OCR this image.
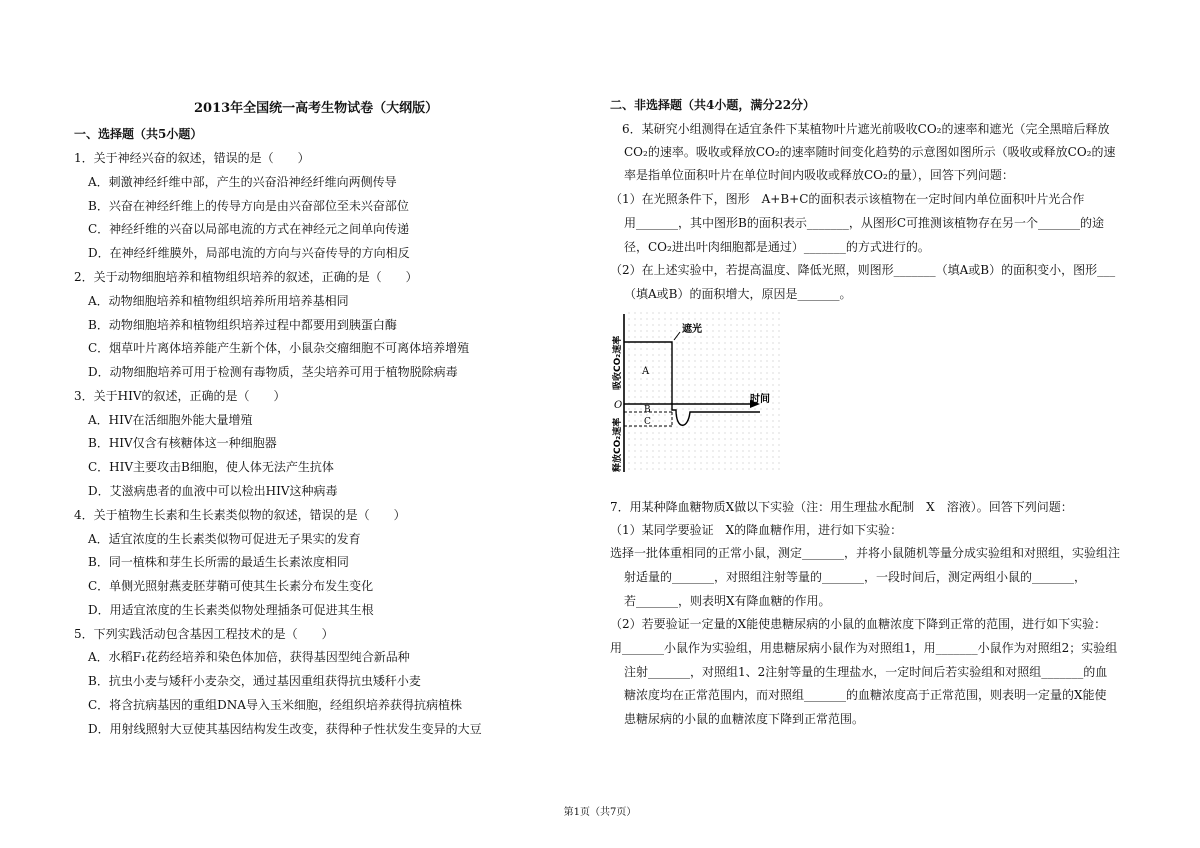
2013年全国统一高考生物试卷（大纲版）
一、选择题（共5小题）
1．关于神经兴奋的叙述，错误的是（　　）
A．刺激神经纤维中部，产生的兴奋沿神经纤维向两侧传导
B．兴奋在神经纤维上的传导方向是由兴奋部位至未兴奋部位
C．神经纤维的兴奋以局部电流的方式在神经元之间单向传递
D．在神经纤维膜外，局部电流的方向与兴奋传导的方向相反
2．关于动物细胞培养和植物组织培养的叙述，正确的是（　　）
A．动物细胞培养和植物组织培养所用培养基相同
B．动物细胞培养和植物组织培养过程中都要用到胰蛋白酶
C．烟草叶片离体培养能产生新个体，小鼠杂交瘤细胞不可离体培养增殖
D．动物细胞培养可用于检测有毒物质，茎尖培养可用于植物脱除病毒
3．关于HIV的叙述，正确的是（　　）
A．HIV在活细胞外能大量增殖
B．HIV仅含有核糖体这一种细胞器
C．HIV主要攻击B细胞，使人体无法产生抗体
D．艾滋病患者的血液中可以检出HIV这种病毒
4．关于植物生长素和生长素类似物的叙述，错误的是（　　）
A．适宜浓度的生长素类似物可促进无子果实的发育
B．同一植株和芽生长所需的最适生长素浓度相同
C．单侧光照射燕麦胚芽鞘可使其生长素分布发生变化
D．用适宜浓度的生长素类似物处理插条可促进其生根
5．下列实践活动包含基因工程技术的是（　　）
A．水稻F₁花药经培养和染色体加倍，获得基因型纯合新品种
B．抗虫小麦与矮秆小麦杂交，通过基因重组获得抗虫矮秆小麦
C．将含抗病基因的重组DNA导入玉米细胞，经组织培养获得抗病植株
D．用射线照射大豆使其基因结构发生改变，获得种子性状发生变异的大豆
二、非选择题（共4小题，满分22分）
6．某研究小组测得在适宜条件下某植物叶片遮光前吸收CO₂的速率和遮光（完全黑暗后释放
CO₂的速率。吸收或释放CO₂的速率随时间变化趋势的示意图如图所示（吸收或释放CO₂的速
率是指单位面积叶片在单位时间内吸收或释放CO₂的量），回答下列问题：
（1）在光照条件下，图形　A+B+C的面积表示该植物在一定时间内单位面积叶片光合作
用_______，其中图形B的面积表示_______，从图形C可推测该植物存在另一个_______的途
径，CO₂进出叶肉细胞都是通过）_______的方式进行的。
（2）在上述实验中，若提高温度、降低光照，则图形_______（填A或B）的面积变小，图形___
（填A或B）的面积增大，原因是_______。
7．用某种降血糖物质X做以下实验（注：用生理盐水配制　X　溶液）。回答下列问题：
（1）某同学要验证　X的降血糖作用，进行如下实验：
选择一批体重相同的正常小鼠，测定_______，并将小鼠随机等量分成实验组和对照组，实验组注
射适量的_______，对照组注射等量的_______，一段时间后，测定两组小鼠的_______，
若_______，则表明X有降血糖的作用。
（2）若要验证一定量的X能使患糖尿病的小鼠的血糖浓度下降到正常的范围，进行如下实验：
用_______小鼠作为实验组，用患糖尿病小鼠作为对照组1，用_______小鼠作为对照组2；实验组
注射_______，对照组1、2注射等量的生理盐水，一定时间后若实验组和对照组_______的血
糖浓度均在正常范围内，而对照组_______的血糖浓度高于正常范围，则表明一定量的X能使
患糖尿病的小鼠的血糖浓度下降到正常范围。
遮光
时间
O
A
B
C
吸收CO₂速率
释放CO₂速率
第1页（共7页）
